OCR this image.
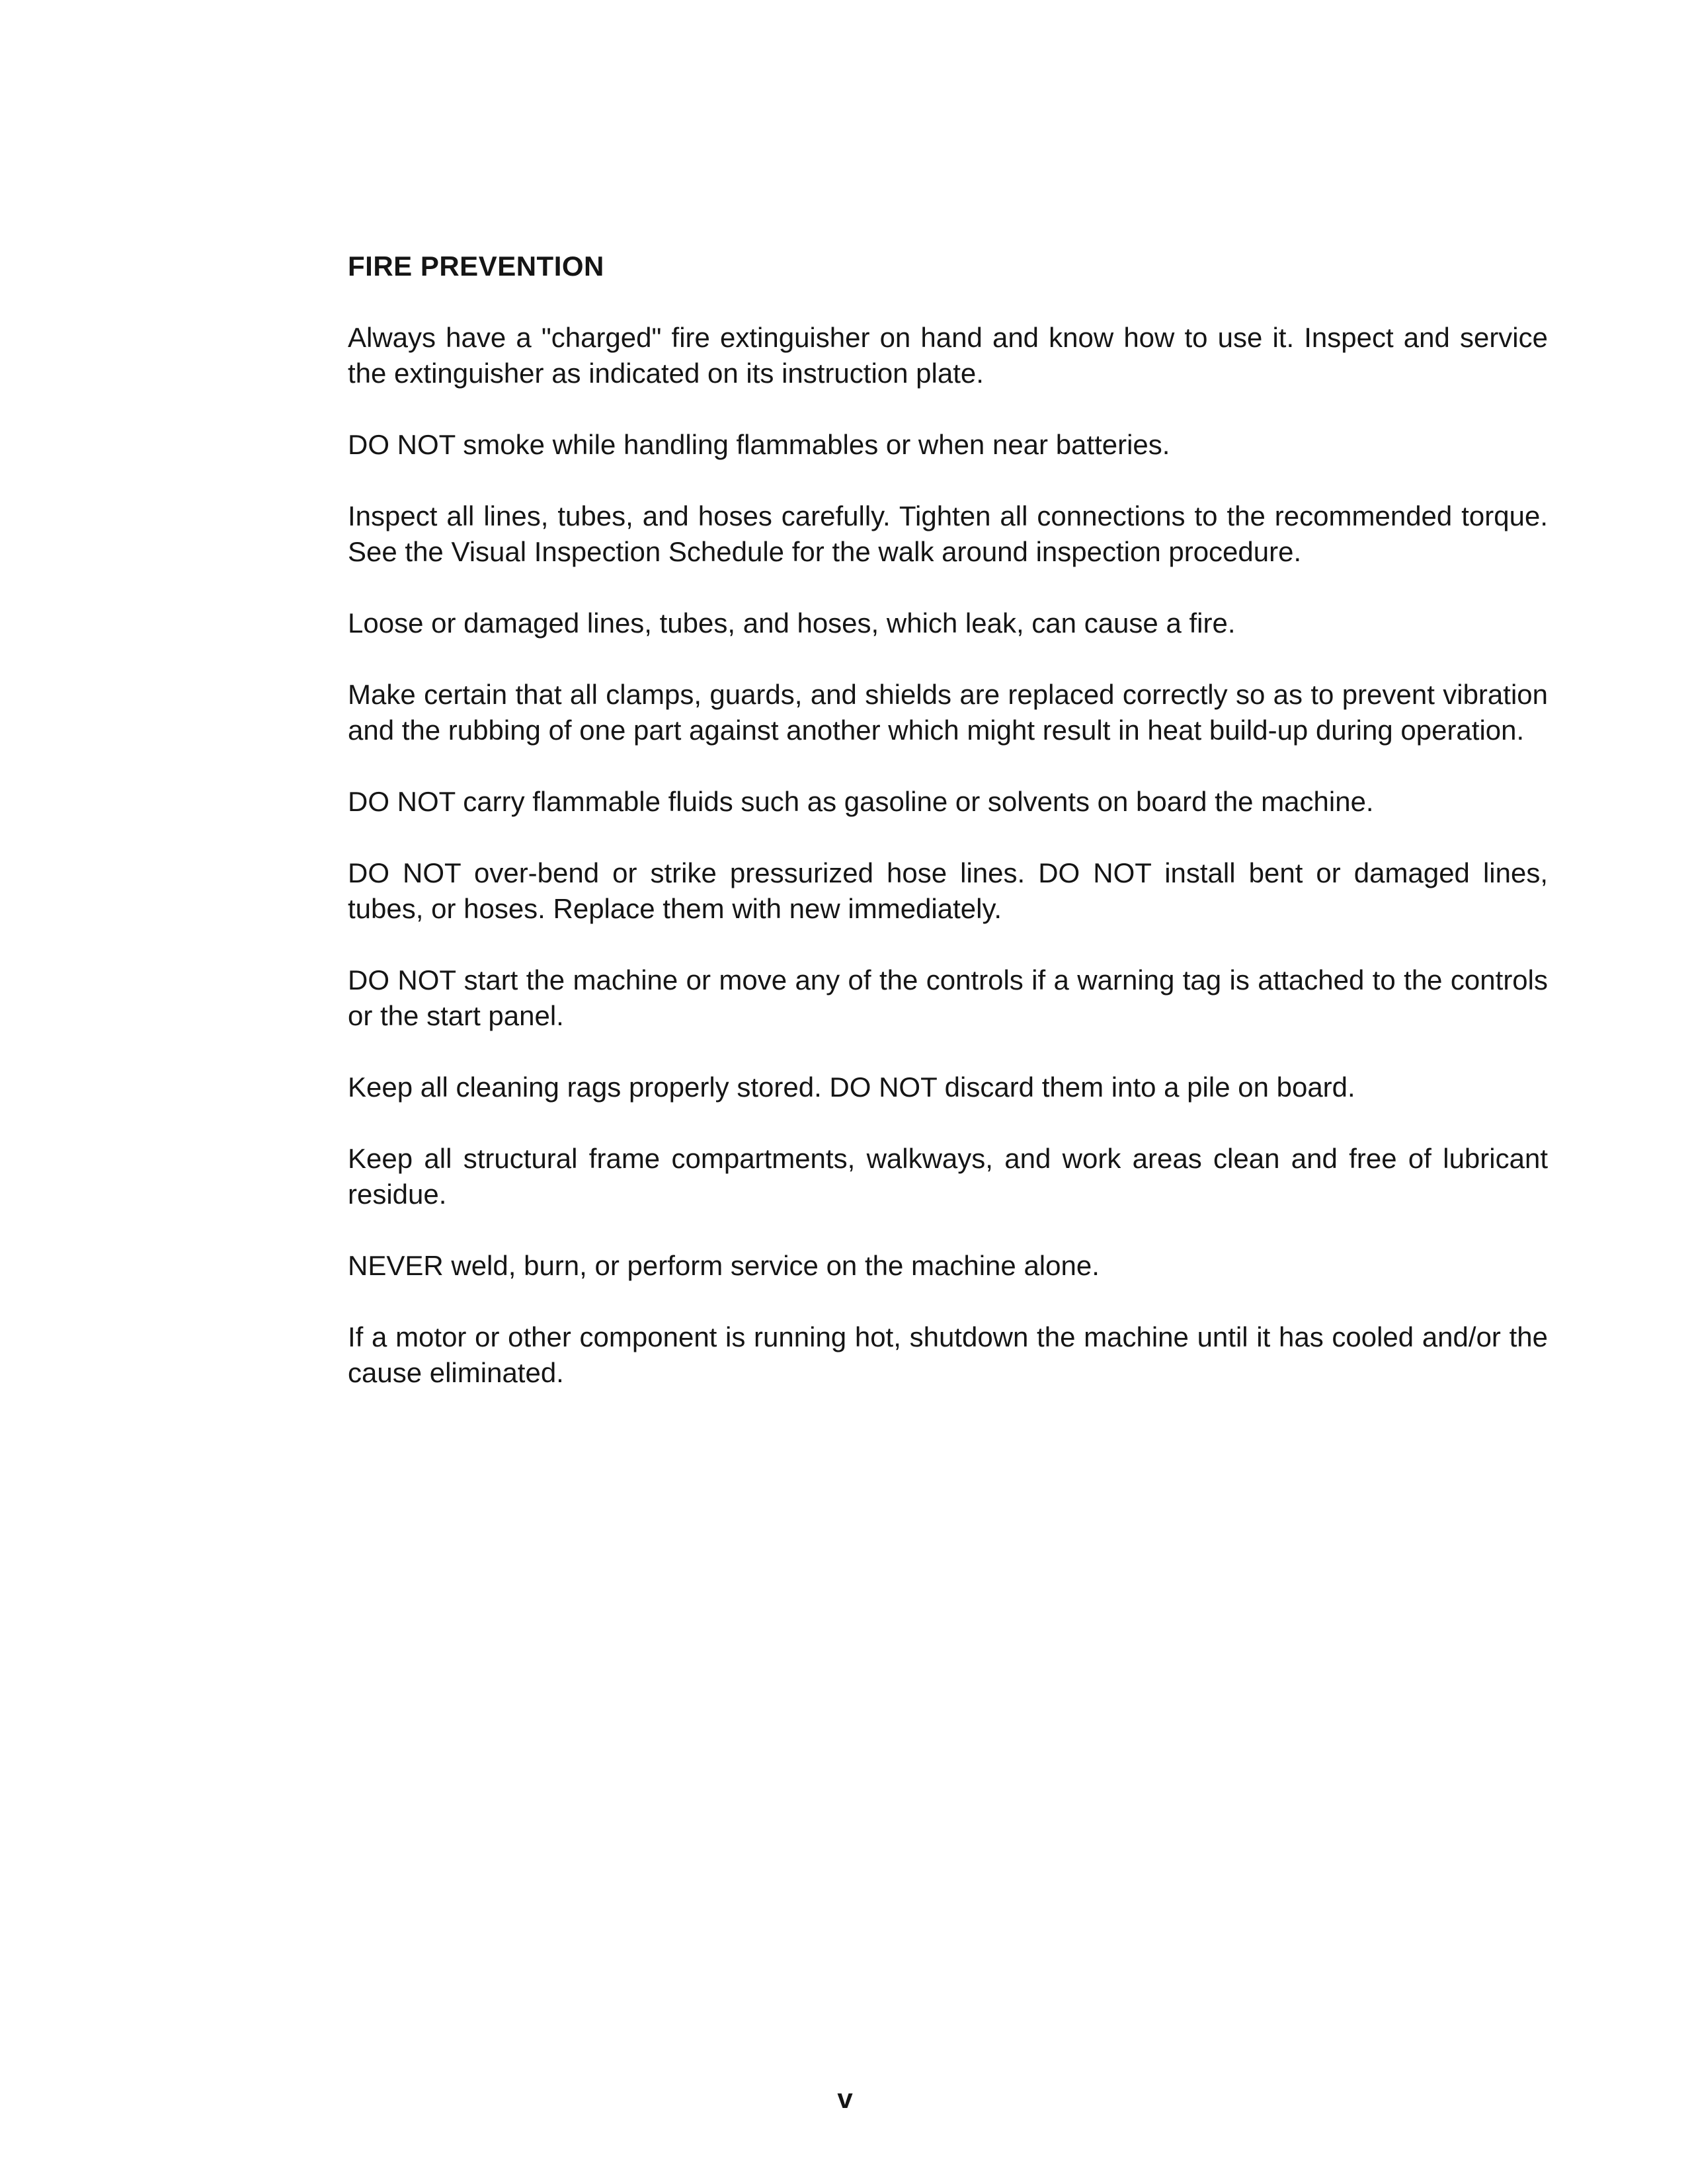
FIRE PREVENTION

Always have a "charged" fire extinguisher on hand and know how to use it. Inspect and service the extinguisher as indicated on its instruction plate.

DO NOT smoke while handling flammables or when near batteries.

Inspect all lines, tubes, and hoses carefully. Tighten all connections to the recommended torque. See the Visual Inspection Schedule for the walk around inspection procedure.

Loose or damaged lines, tubes, and hoses, which leak, can cause a fire.

Make certain that all clamps, guards, and shields are replaced correctly so as to prevent vibration and the rubbing of one part against another which might result in heat build-up during operation.

DO NOT carry flammable fluids such as gasoline or solvents on board the machine.

DO NOT over-bend or strike pressurized hose lines. DO NOT install bent or damaged lines, tubes, or hoses. Replace them with new immediately.

DO NOT start the machine or move any of the controls if a warning tag is attached to the controls or the start panel.

Keep all cleaning rags properly stored. DO NOT discard them into a pile on board.

Keep all structural frame compartments, walkways, and work areas clean and free of lubricant residue.

NEVER weld, burn, or perform service on the machine alone.

If a motor or other component is running hot, shutdown the machine until it has cooled and/or the cause eliminated.

v
